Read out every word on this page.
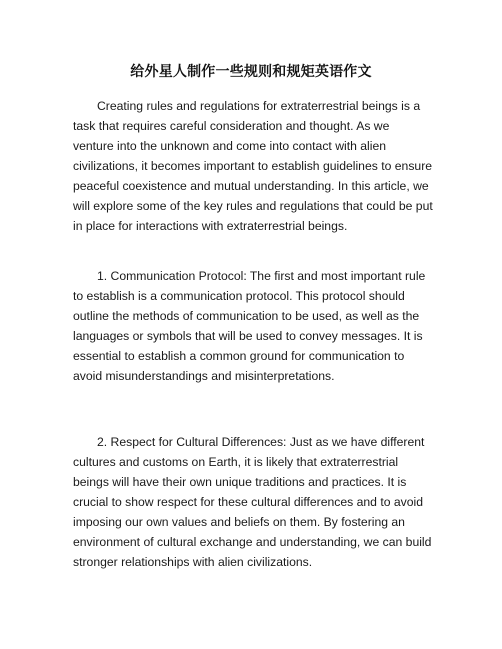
给外星人制作一些规则和规矩英语作文

Creating rules and regulations for extraterrestrial beings is a task that requires careful consideration and thought. As we venture into the unknown and come into contact with alien civilizations, it becomes important to establish guidelines to ensure peaceful coexistence and mutual understanding. In this article, we will explore some of the key rules and regulations that could be put in place for interactions with extraterrestrial beings.

1. Communication Protocol: The first and most important rule to establish is a communication protocol. This protocol should outline the methods of communication to be used, as well as the languages or symbols that will be used to convey messages. It is essential to establish a common ground for communication to avoid misunderstandings and misinterpretations.

2. Respect for Cultural Differences: Just as we have different cultures and customs on Earth, it is likely that extraterrestrial beings will have their own unique traditions and practices. It is crucial to show respect for these cultural differences and to avoid imposing our own values and beliefs on them. By fostering an environment of cultural exchange and understanding, we can build stronger relationships with alien civilizations.
